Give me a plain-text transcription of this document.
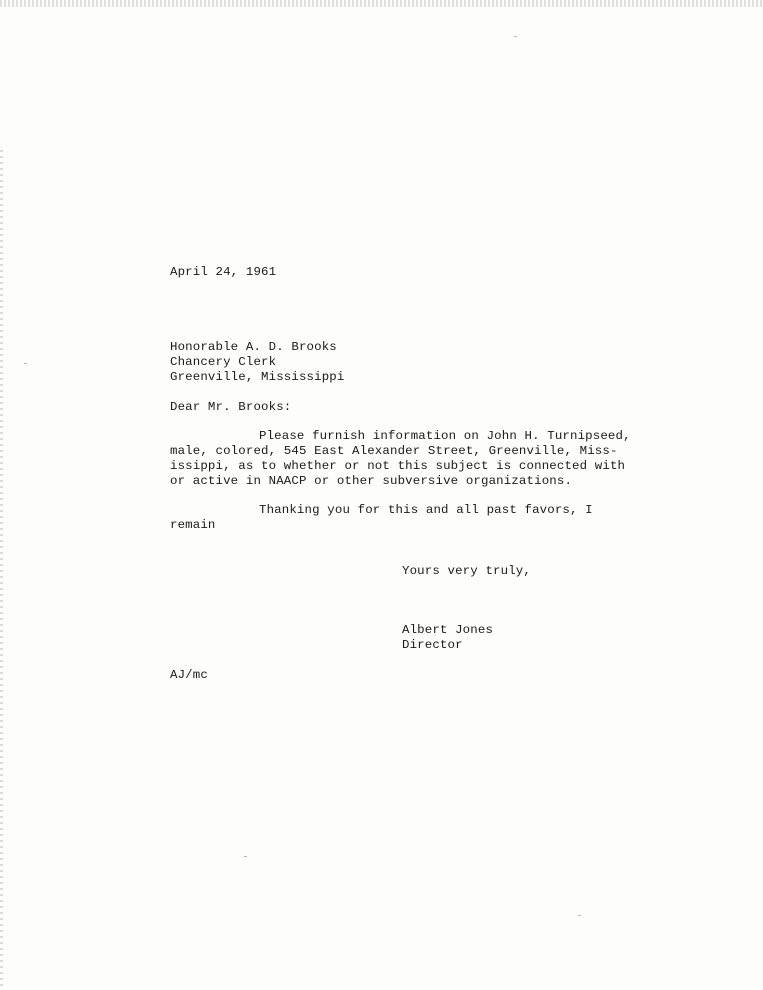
April 24, 1961
Honorable A. D. Brooks
Chancery Clerk
Greenville, Mississippi
Dear Mr. Brooks:
Please furnish information on John H. Turnipseed,
male, colored, 545 East Alexander Street, Greenville, Miss-
issippi, as to whether or not this subject is connected with
or active in NAACP or other subversive organizations.
Thanking you for this and all past favors, I
remain
Yours very truly,
Albert Jones
Director
AJ/mc
